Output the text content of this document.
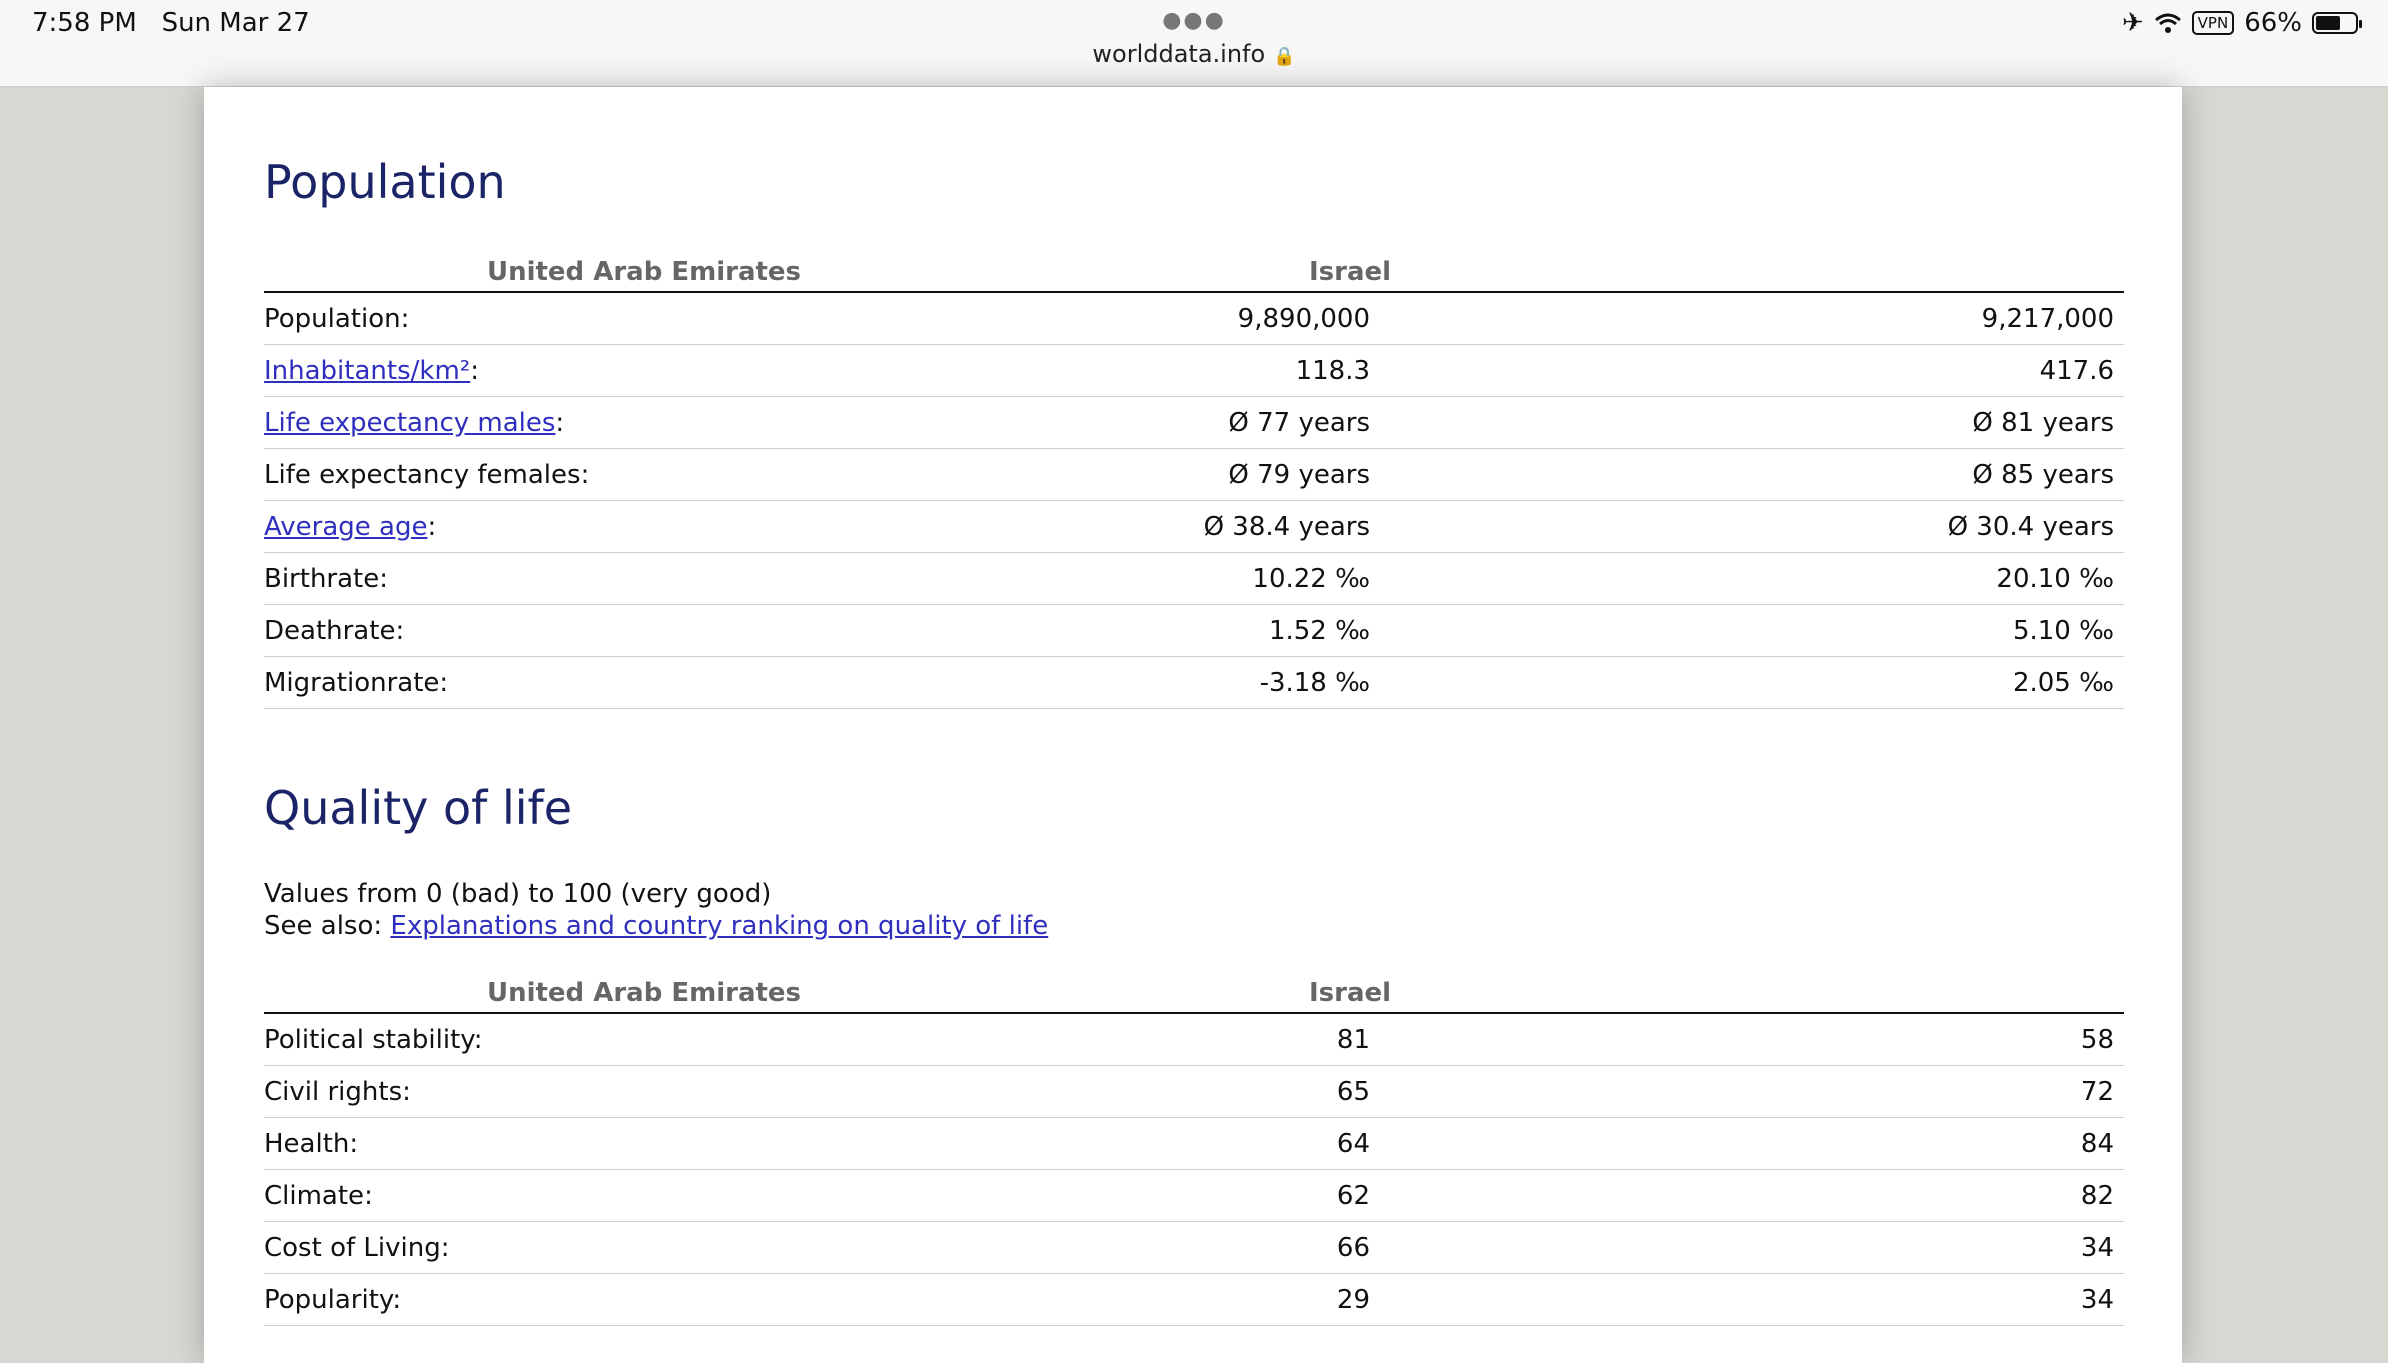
7:58 PM Sun Mar 27	●●●
worlddata.info 🔒
✈	VPN 66%
Population
United Arab Emirates	Israel	
Population:	9,890,000	9,217,000
Inhabitants/km²:	118.3	417.6
Life expectancy males:	Ø 77 years	Ø 81 years
Life expectancy females:	Ø 79 years	Ø 85 years
Average age:	Ø 38.4 years	Ø 30.4 years
Birthrate:	10.22 ‰	20.10 ‰
Deathrate:	1.52 ‰	5.10 ‰
Migrationrate:	-3.18 ‰	2.05 ‰
Quality of life
Values from 0 (bad) to 100 (very good)
See also: Explanations and country ranking on quality of life
United Arab Emirates	Israel	
Political stability:	81	58
Civil rights:	65	72
Health:	64	84
Climate:	62	82
Cost of Living:	66	34
Popularity:	29	34
